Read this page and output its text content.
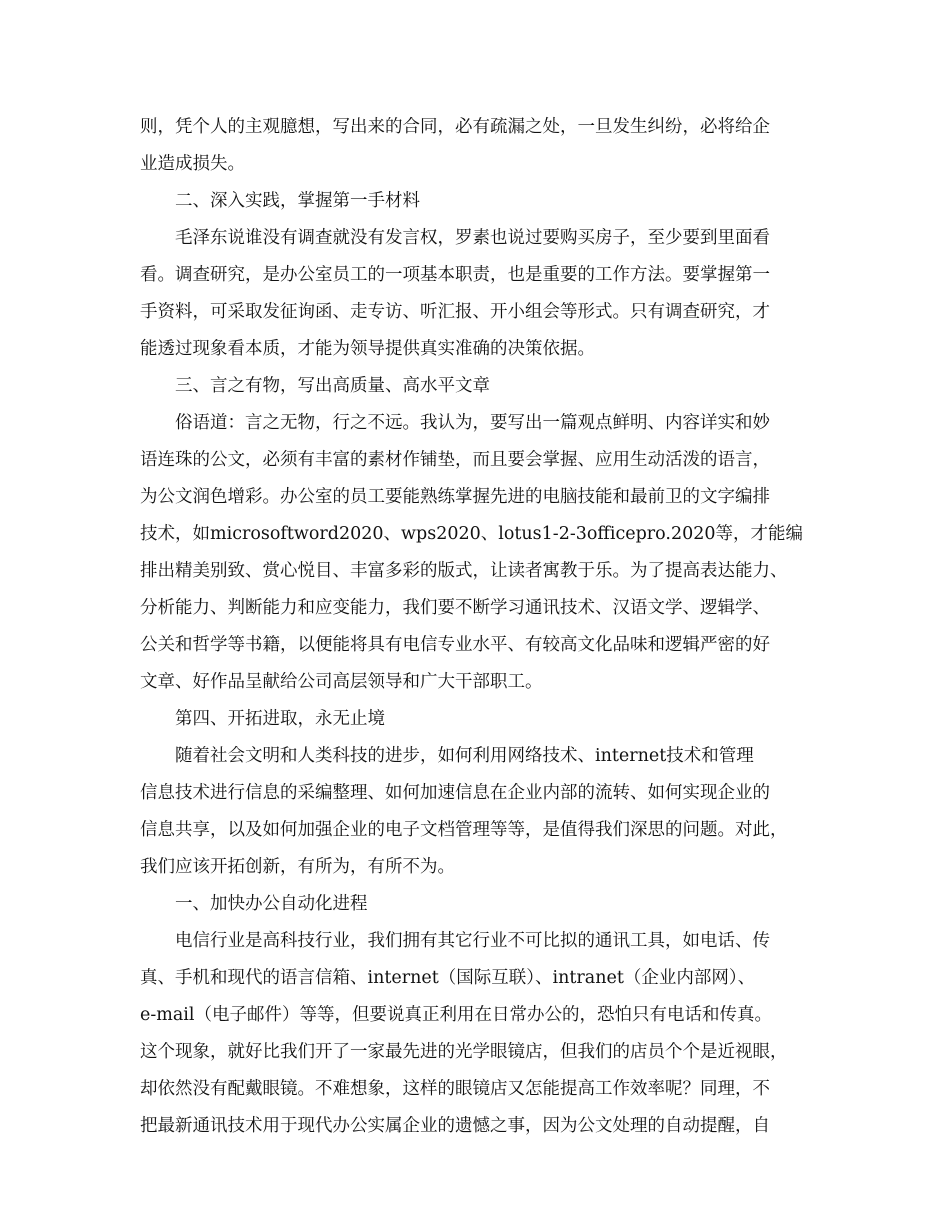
则，凭个人的主观臆想，写出来的合同，必有疏漏之处，一旦发生纠纷，必将给企
业造成损失。
二、深入实践，掌握第一手材料
毛泽东说谁没有调查就没有发言权，罗素也说过要购买房子，至少要到里面看
看。调查研究，是办公室员工的一项基本职责，也是重要的工作方法。要掌握第一
手资料，可采取发征询函、走专访、听汇报、开小组会等形式。只有调查研究，才
能透过现象看本质，才能为领导提供真实准确的决策依据。
三、言之有物，写出高质量、高水平文章
俗语道：言之无物，行之不远。我认为，要写出一篇观点鲜明、内容详实和妙
语连珠的公文，必须有丰富的素材作铺垫，而且要会掌握、应用生动活泼的语言，
为公文润色增彩。办公室的员工要能熟练掌握先进的电脑技能和最前卫的文字编排
技术，如microsoftword2020、wps2020、lotus1-2-3officepro.2020等，才能编
排出精美别致、赏心悦目、丰富多彩的版式，让读者寓教于乐。为了提高表达能力、
分析能力、判断能力和应变能力，我们要不断学习通讯技术、汉语文学、逻辑学、
公关和哲学等书籍，以便能将具有电信专业水平、有较高文化品味和逻辑严密的好
文章、好作品呈献给公司高层领导和广大干部职工。
第四、开拓进取，永无止境
随着社会文明和人类科技的进步，如何利用网络技术、internet技术和管理
信息技术进行信息的采编整理、如何加速信息在企业内部的流转、如何实现企业的
信息共享，以及如何加强企业的电子文档管理等等，是值得我们深思的问题。对此，
我们应该开拓创新，有所为，有所不为。
一、加快办公自动化进程
电信行业是高科技行业，我们拥有其它行业不可比拟的通讯工具，如电话、传
真、手机和现代的语言信箱、internet（国际互联）、intranet（企业内部网）、
e-mail（电子邮件）等等，但要说真正利用在日常办公的，恐怕只有电话和传真。
这个现象，就好比我们开了一家最先进的光学眼镜店，但我们的店员个个是近视眼，
却依然没有配戴眼镜。不难想象，这样的眼镜店又怎能提高工作效率呢？同理，不
把最新通讯技术用于现代办公实属企业的遗憾之事，因为公文处理的自动提醒，自
